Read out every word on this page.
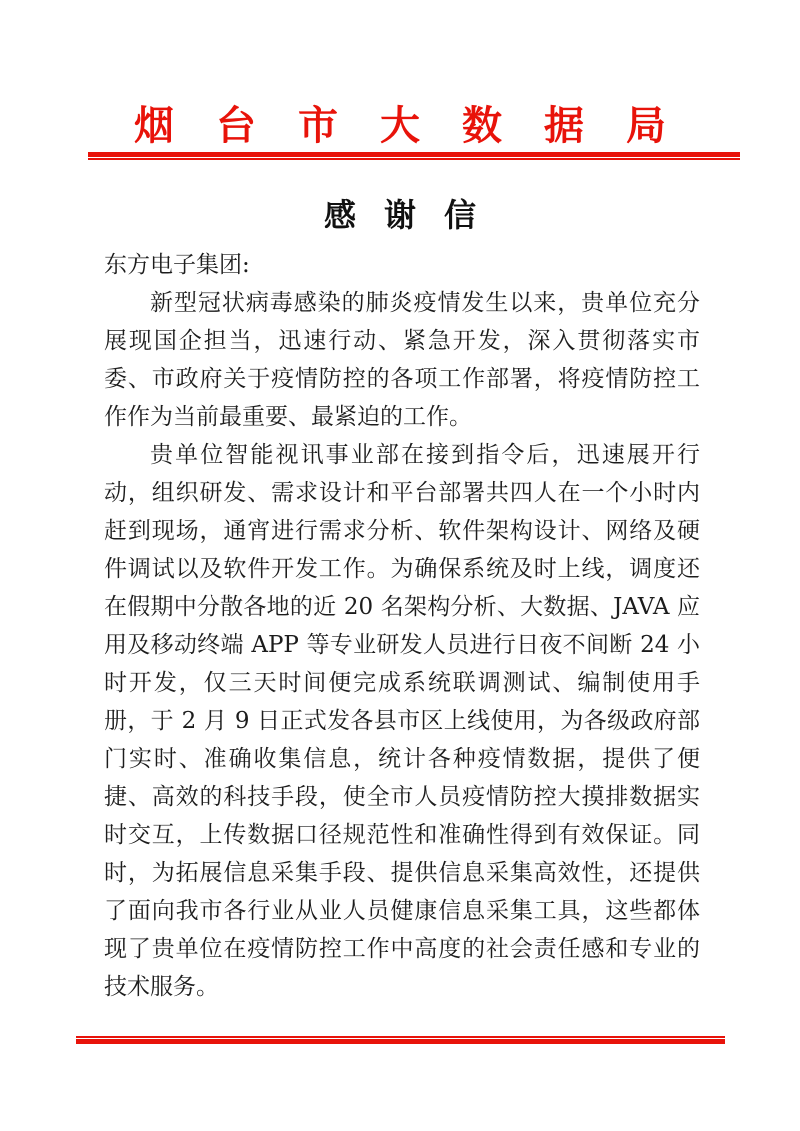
烟台市大数据局
感谢信

东方电子集团:

新型冠状病毒感染的肺炎疫情发生以来，贵单位充分展现国企担当，迅速行动、紧急开发，深入贯彻落实市委、市政府关于疫情防控的各项工作部署，将疫情防控工作作为当前最重要、最紧迫的工作。

贵单位智能视讯事业部在接到指令后，迅速展开行动，组织研发、需求设计和平台部署共四人在一个小时内赶到现场，通宵进行需求分析、软件架构设计、网络及硬件调试以及软件开发工作。为确保系统及时上线，调度还在假期中分散各地的近 20 名架构分析、大数据、JAVA 应用及移动终端 APP 等专业研发人员进行日夜不间断 24 小时开发，仅三天时间便完成系统联调测试、编制使用手册，于 2 月 9 日正式发各县市区上线使用，为各级政府部门实时、准确收集信息，统计各种疫情数据，提供了便捷、高效的科技手段，使全市人员疫情防控大摸排数据实时交互，上传数据口径规范性和准确性得到有效保证。同时，为拓展信息采集手段、提供信息采集高效性，还提供了面向我市各行业从业人员健康信息采集工具，这些都体现了贵单位在疫情防控工作中高度的社会责任感和专业的技术服务。
